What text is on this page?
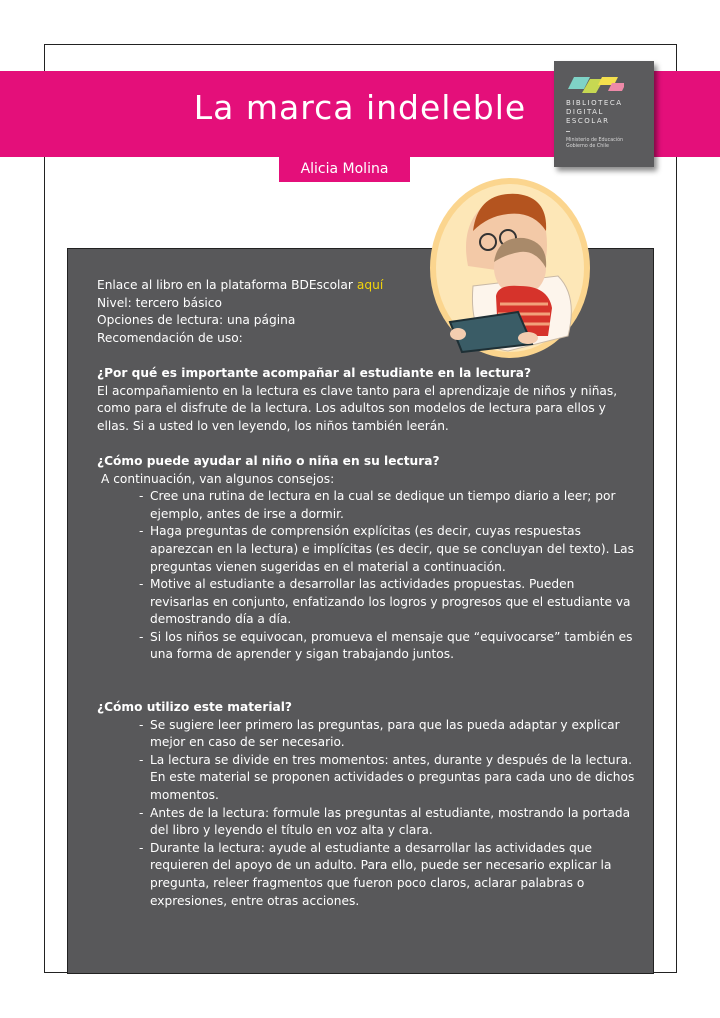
La marca indeleble
Alicia Molina
BIBLIOTECA
DIGITAL
ESCOLAR
Ministerio de Educación
Gobierno de Chile

Enlace al libro en la plataforma BDEscolar aquí

Nivel: tercero básico

Opciones de lectura: una página

Recomendación de uso:

¿Por qué es importante acompañar al estudiante en la lectura?

El acompañamiento en la lectura es clave tanto para el aprendizaje de niños y niñas, como para el disfrute de la lectura. Los adultos son modelos de lectura para ellos y ellas. Si a usted lo ven leyendo, los niños también leerán.

¿Cómo puede ayudar al niño o niña en su lectura?

A continuación, van algunos consejos:

- Cree una rutina de lectura en la cual se dedique un tiempo diario a leer; por ejemplo, antes de irse a dormir.
- Haga preguntas de comprensión explícitas (es decir, cuyas respuestas aparezcan en la lectura) e implícitas (es decir, que se concluyan del texto). Las preguntas vienen sugeridas en el material a continuación.
- Motive al estudiante a desarrollar las actividades propuestas. Pueden revisarlas en conjunto, enfatizando los logros y progresos que el estudiante va demostrando día a día.
- Si los niños se equivocan, promueva el mensaje que “equivocarse” también es una forma de aprender y sigan trabajando juntos.

¿Cómo utilizo este material?

- Se sugiere leer primero las preguntas, para que las pueda adaptar y explicar mejor en caso de ser necesario.
- La lectura se divide en tres momentos: antes, durante y después de la lectura. En este material se proponen actividades o preguntas para cada uno de dichos momentos.
- Antes de la lectura: formule las preguntas al estudiante, mostrando la portada del libro y leyendo el título en voz alta y clara.
- Durante la lectura: ayude al estudiante a desarrollar las actividades que requieren del apoyo de un adulto. Para ello, puede ser necesario explicar la pregunta, releer fragmentos que fueron poco claros, aclarar palabras o expresiones, entre otras acciones.
